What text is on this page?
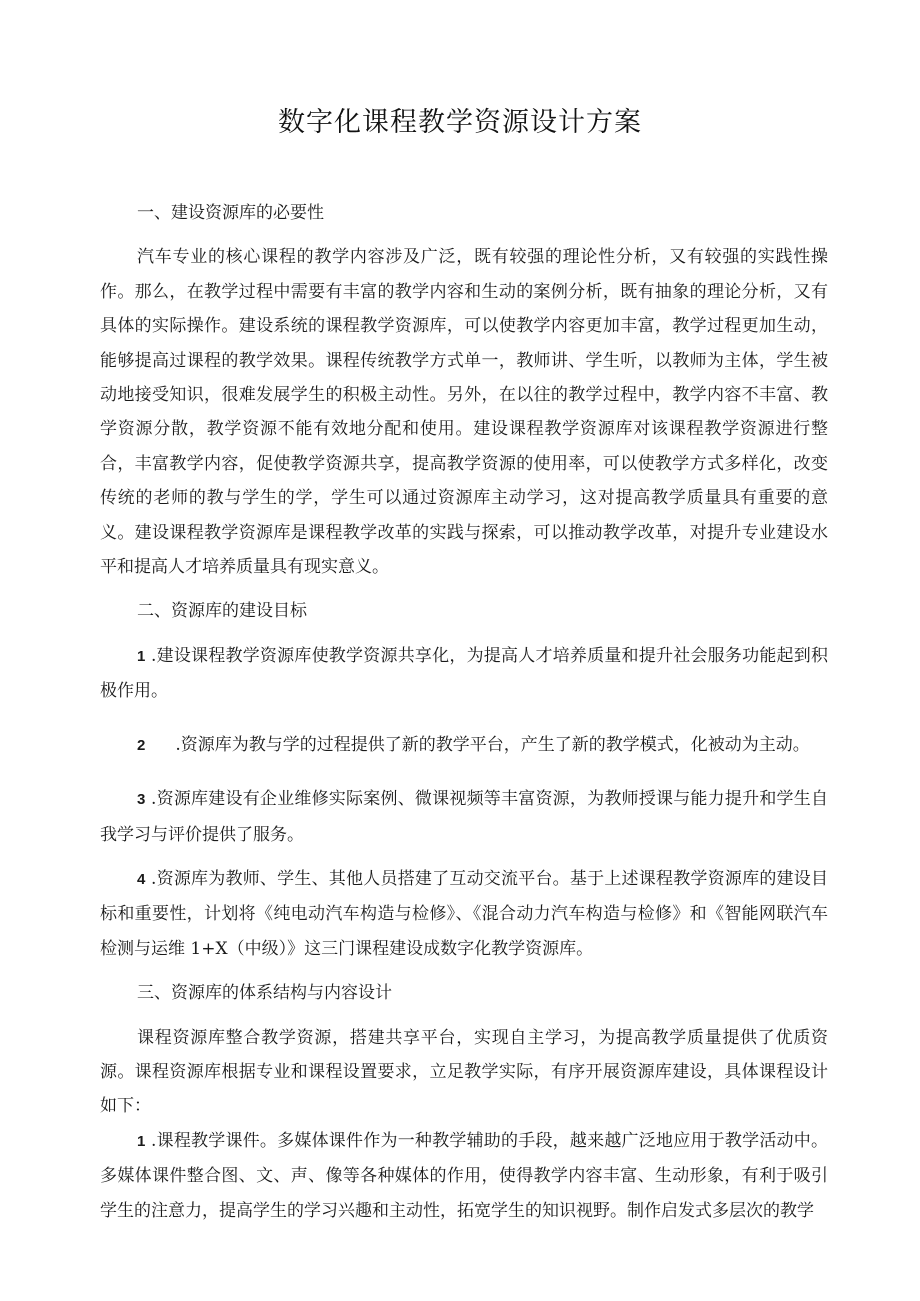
数字化课程教学资源设计方案

一、建设资源库的必要性

汽车专业的核心课程的教学内容涉及广泛，既有较强的理论性分析，又有较强的实践性操作。那么，在教学过程中需要有丰富的教学内容和生动的案例分析，既有抽象的理论分析，又有具体的实际操作。建设系统的课程教学资源库，可以使教学内容更加丰富，教学过程更加生动，能够提高过课程的教学效果。课程传统教学方式单一，教师讲、学生听，以教师为主体，学生被动地接受知识，很难发展学生的积极主动性。另外，在以往的教学过程中，教学内容不丰富、教学资源分散，教学资源不能有效地分配和使用。建设课程教学资源库对该课程教学资源进行整合，丰富教学内容，促使教学资源共享，提高教学资源的使用率，可以使教学方式多样化，改变传统的老师的教与学生的学，学生可以通过资源库主动学习，这对提高教学质量具有重要的意义。建设课程教学资源库是课程教学改革的实践与探索，可以推动教学改革，对提升专业建设水平和提高人才培养质量具有现实意义。

二、资源库的建设目标

1 .建设课程教学资源库使教学资源共享化，为提高人才培养质量和提升社会服务功能起到积极作用。

2 .资源库为教与学的过程提供了新的教学平台，产生了新的教学模式，化被动为主动。

3 .资源库建设有企业维修实际案例、微课视频等丰富资源，为教师授课与能力提升和学生自我学习与评价提供了服务。

4 .资源库为教师、学生、其他人员搭建了互动交流平台。基于上述课程教学资源库的建设目标和重要性，计划将《纯电动汽车构造与检修》、《混合动力汽车构造与检修》和《智能网联汽车检测与运维 1+X（中级）》这三门课程建设成数字化教学资源库。

三、资源库的体系结构与内容设计

课程资源库整合教学资源，搭建共享平台，实现自主学习，为提高教学质量提供了优质资源。课程资源库根据专业和课程设置要求，立足教学实际，有序开展资源库建设，具体课程设计如下：

1 .课程教学课件。多媒体课件作为一种教学辅助的手段，越来越广泛地应用于教学活动中。多媒体课件整合图、文、声、像等各种媒体的作用，使得教学内容丰富、生动形象，有利于吸引学生的注意力，提高学生的学习兴趣和主动性，拓宽学生的知识视野。制作启发式多层次的教学
